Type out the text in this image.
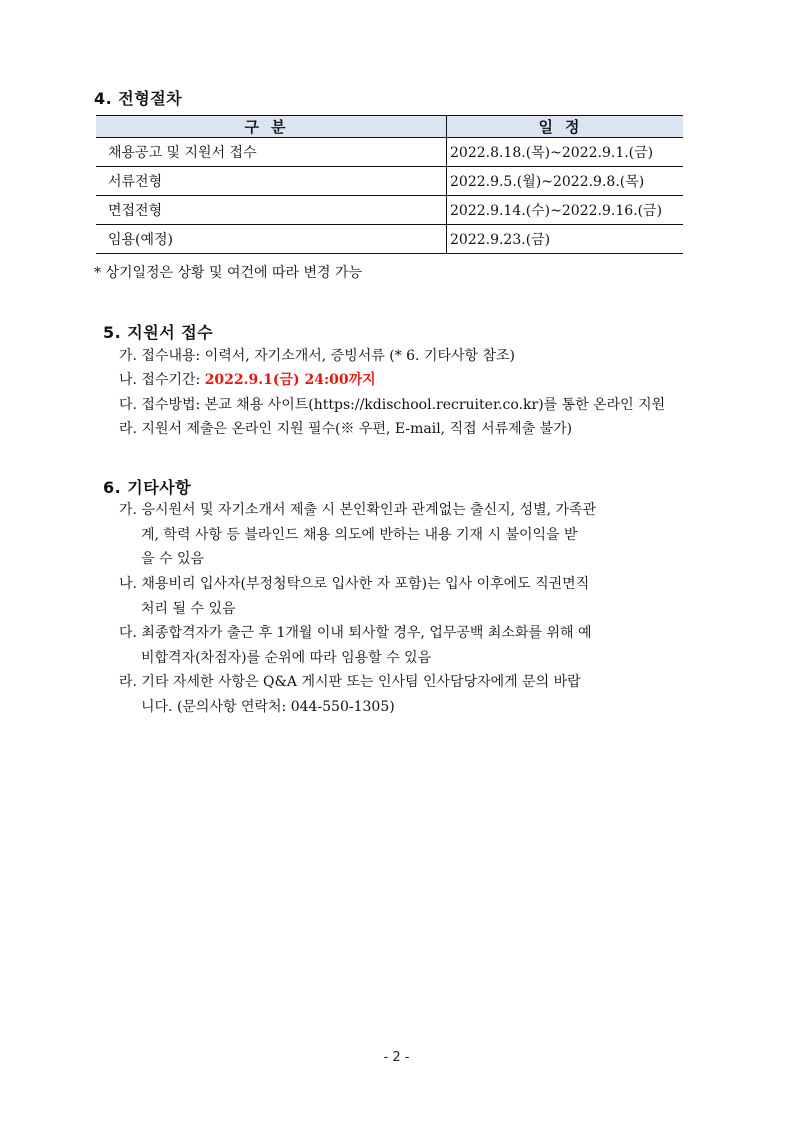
4. 전형절차
구분	일정
채용공고 및 지원서 접수	2022.8.18.(목)~2022.9.1.(금)
서류전형	2022.9.5.(월)~2022.9.8.(목)
면접전형	2022.9.14.(수)~2022.9.16.(금)
임용(예정)	2022.9.23.(금)
* 상기일정은 상황 및 여건에 따라 변경 가능
5. 지원서 접수
가. 접수내용: 이력서, 자기소개서, 증빙서류 (* 6. 기타사항 참조)
나. 접수기간: 2022.9.1(금) 24:00까지
다. 접수방법: 본교 채용 사이트(https://kdischool.recruiter.co.kr)를 통한 온라인 지원
라. 지원서 제출은 온라인 지원 필수(※ 우편, E-mail, 직접 서류제출 불가)
6. 기타사항
가. 응시원서 및 자기소개서 제출 시 본인확인과 관계없는 출신지, 성별, 가족관
계, 학력 사항 등 블라인드 채용 의도에 반하는 내용 기재 시 불이익을 받
을 수 있음
나. 채용비리 입사자(부정청탁으로 입사한 자 포함)는 입사 이후에도 직권면직
처리 될 수 있음
다. 최종합격자가 출근 후 1개월 이내 퇴사할 경우, 업무공백 최소화를 위해 예
비합격자(차점자)를 순위에 따라 임용할 수 있음
라. 기타 자세한 사항은 Q&A 게시판 또는 인사팀 인사담당자에게 문의 바랍
니다. (문의사항 연락처: 044-550-1305)
- 2 -
